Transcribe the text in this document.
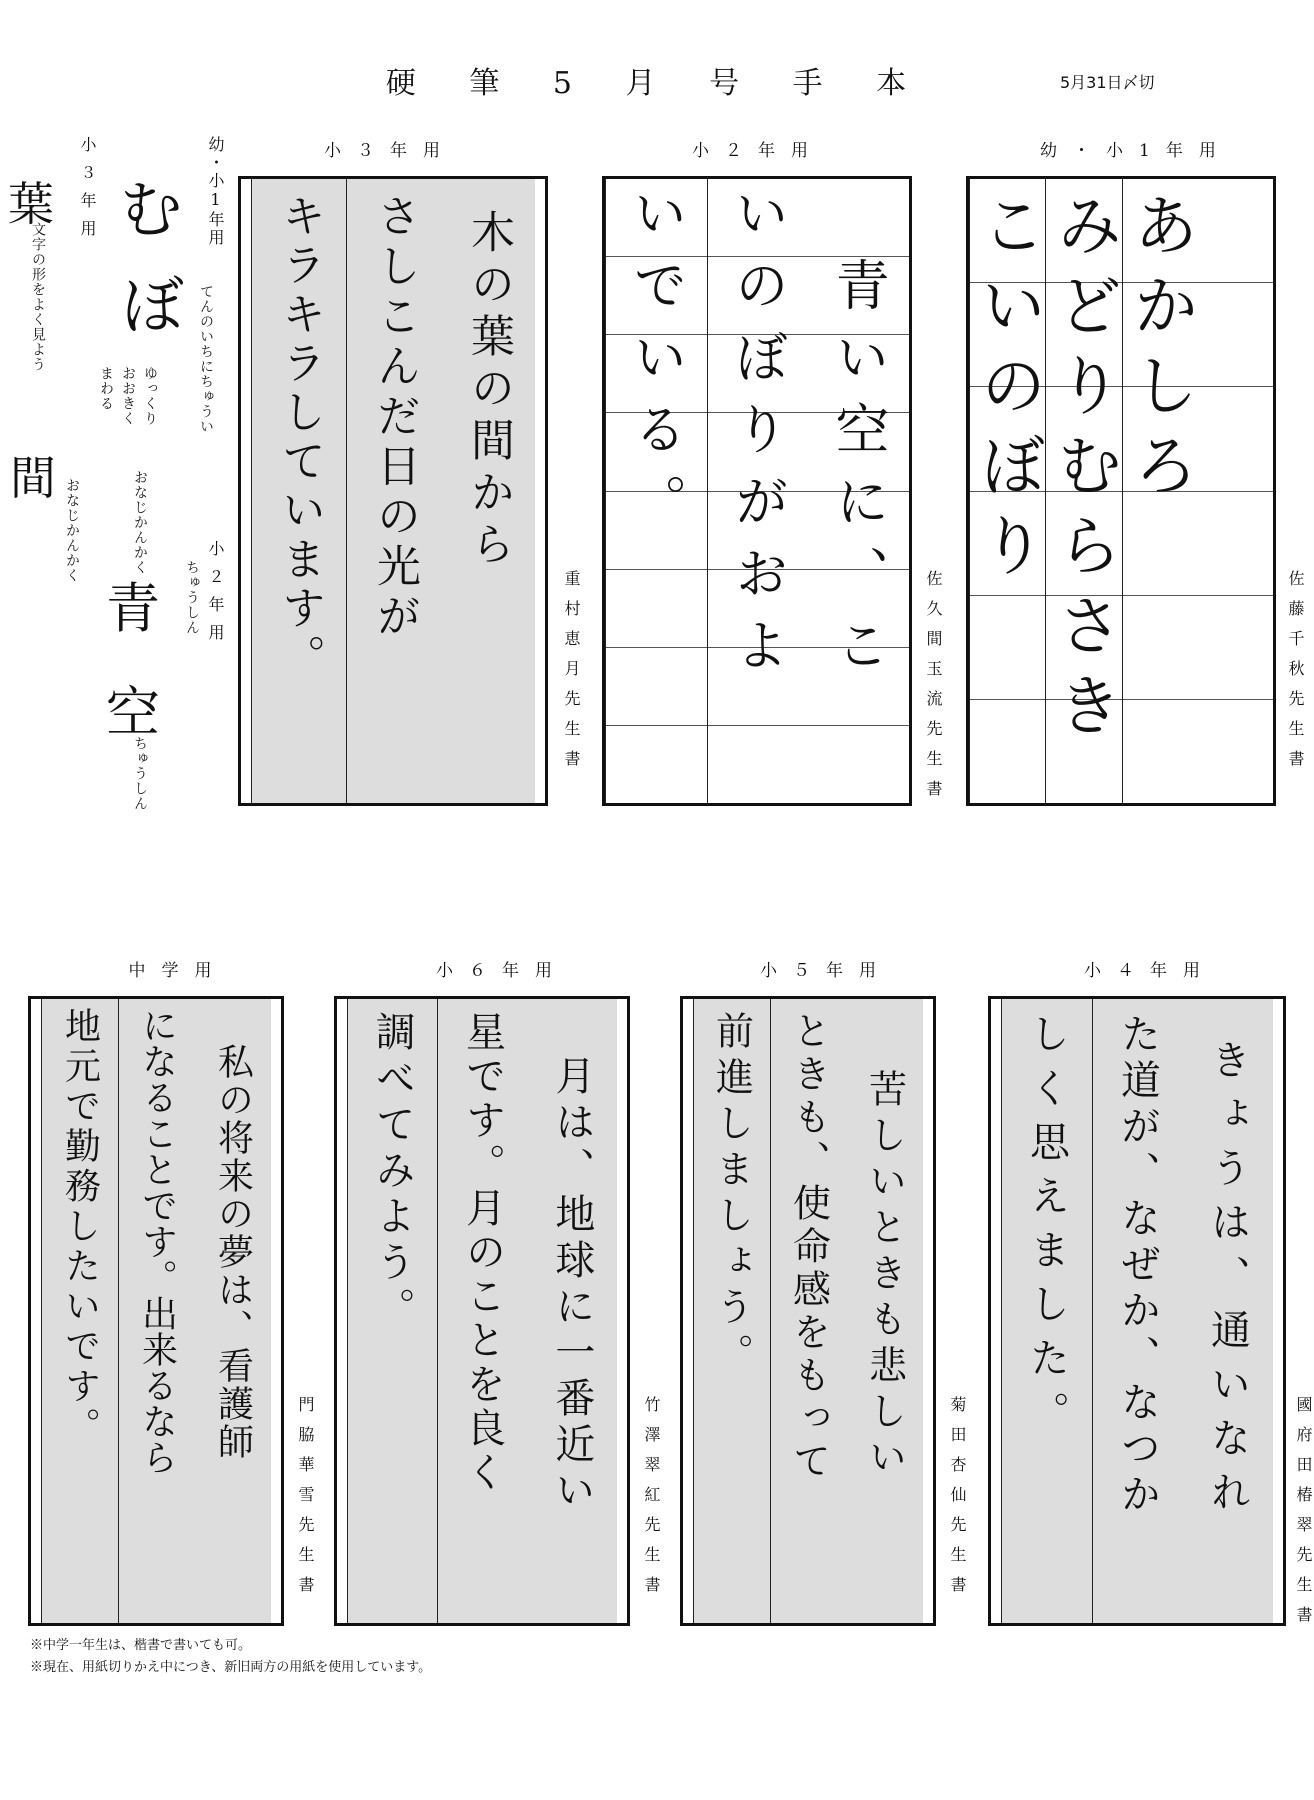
硬 筆 5 月 号 手 本	5月31日〆切
小３年用
葉
文字の形をよく見よう
間 おなじかんかく
幼・小1年用
む
ぼ てんのいちにちゅうい
ゆっくり
おおきく
まわる
小２年用
おなじかんかく
ちゅうしん
青
空
ちゅうしん
幼・小1年用
小２年用
小３年用
あかしろ
みどりむらさき
こいのぼり
佐藤千秋先生書
青い空に、こ
いのぼりがおよ
いでいる。
佐久間玉流先生書
木の葉の間から
さしこんだ日の光が
キラキラしています。	重村恵月先生書
小４年用
小５年用
小６年用
中学用
きょうは、通いなれ
た道が、なぜか、なつか
しく思えました。
國府田椿翠先生書
苦しいときも悲しい
ときも、使命感をもって
前進しましょう。
菊田杏仙先生書
月は、地球に一番近い
星です。月のことを良く
調べてみよう。
竹澤翠紅先生書
私の将来の夢は、看護師
になることです。出来るなら
地元で勤務したいです。
門脇華雪先生書
※中学一年生は、楷書で書いても可。
※現在、用紙切りかえ中につき、新旧両方の用紙を使用しています。
